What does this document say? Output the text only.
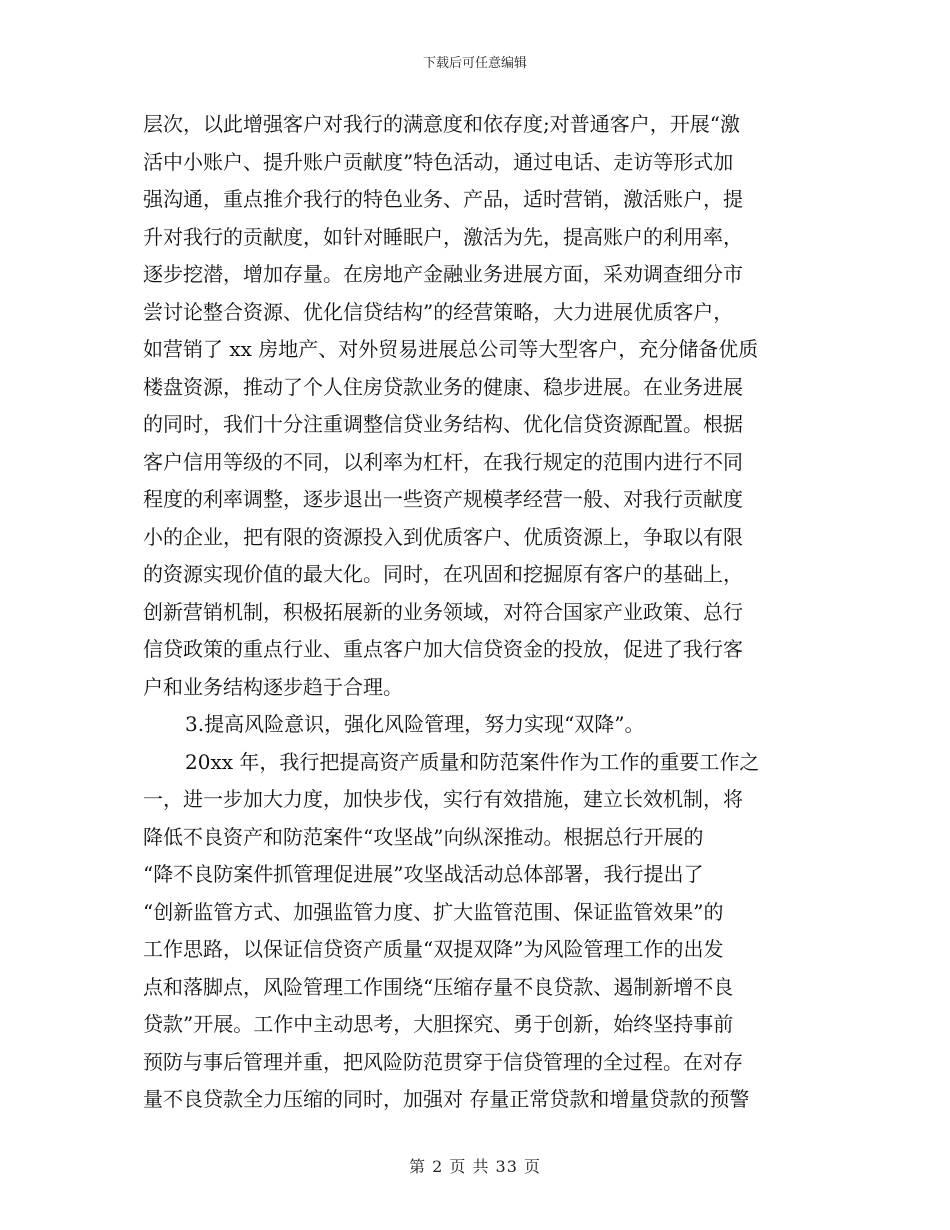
下载后可任意编辑
层次，以此增强客户对我行的满意度和依存度;对普通客户，开展“激
活中小账户、提升账户贡献度”特色活动，通过电话、走访等形式加
强沟通，重点推介我行的特色业务、产品，适时营销，激活账户，提
升对我行的贡献度，如针对睡眠户，激活为先，提高账户的利用率，
逐步挖潜，增加存量。在房地产金融业务进展方面，采劝调查细分市
尝讨论整合资源、优化信贷结构”的经营策略，大力进展优质客户，
如营销了 xx 房地产、对外贸易进展总公司等大型客户，充分储备优质
楼盘资源，推动了个人住房贷款业务的健康、稳步进展。在业务进展
的同时，我们十分注重调整信贷业务结构、优化信贷资源配置。根据
客户信用等级的不同，以利率为杠杆，在我行规定的范围内进行不同
程度的利率调整，逐步退出一些资产规模孝经营一般、对我行贡献度
小的企业，把有限的资源投入到优质客户、优质资源上，争取以有限
的资源实现价值的最大化。同时，在巩固和挖掘原有客户的基础上，
创新营销机制，积极拓展新的业务领域，对符合国家产业政策、总行
信贷政策的重点行业、重点客户加大信贷资金的投放，促进了我行客
户和业务结构逐步趋于合理。
3.提高风险意识，强化风险管理，努力实现“双降”。
20xx 年，我行把提高资产质量和防范案件作为工作的重要工作之
一，进一步加大力度，加快步伐，实行有效措施，建立长效机制，将
降低不良资产和防范案件“攻坚战”向纵深推动。根据总行开展的
“降不良防案件抓管理促进展”攻坚战活动总体部署，我行提出了
“创新监管方式、加强监管力度、扩大监管范围、保证监管效果”的
工作思路，以保证信贷资产质量“双提双降”为风险管理工作的出发
点和落脚点，风险管理工作围绕“压缩存量不良贷款、遏制新增不良
贷款”开展。工作中主动思考，大胆探究、勇于创新，始终坚持事前
预防与事后管理并重，把风险防范贯穿于信贷管理的全过程。在对存
量不良贷款全力压缩的同时，加强对 存量正常贷款和增量贷款的预警
第 2 页 共 33 页
